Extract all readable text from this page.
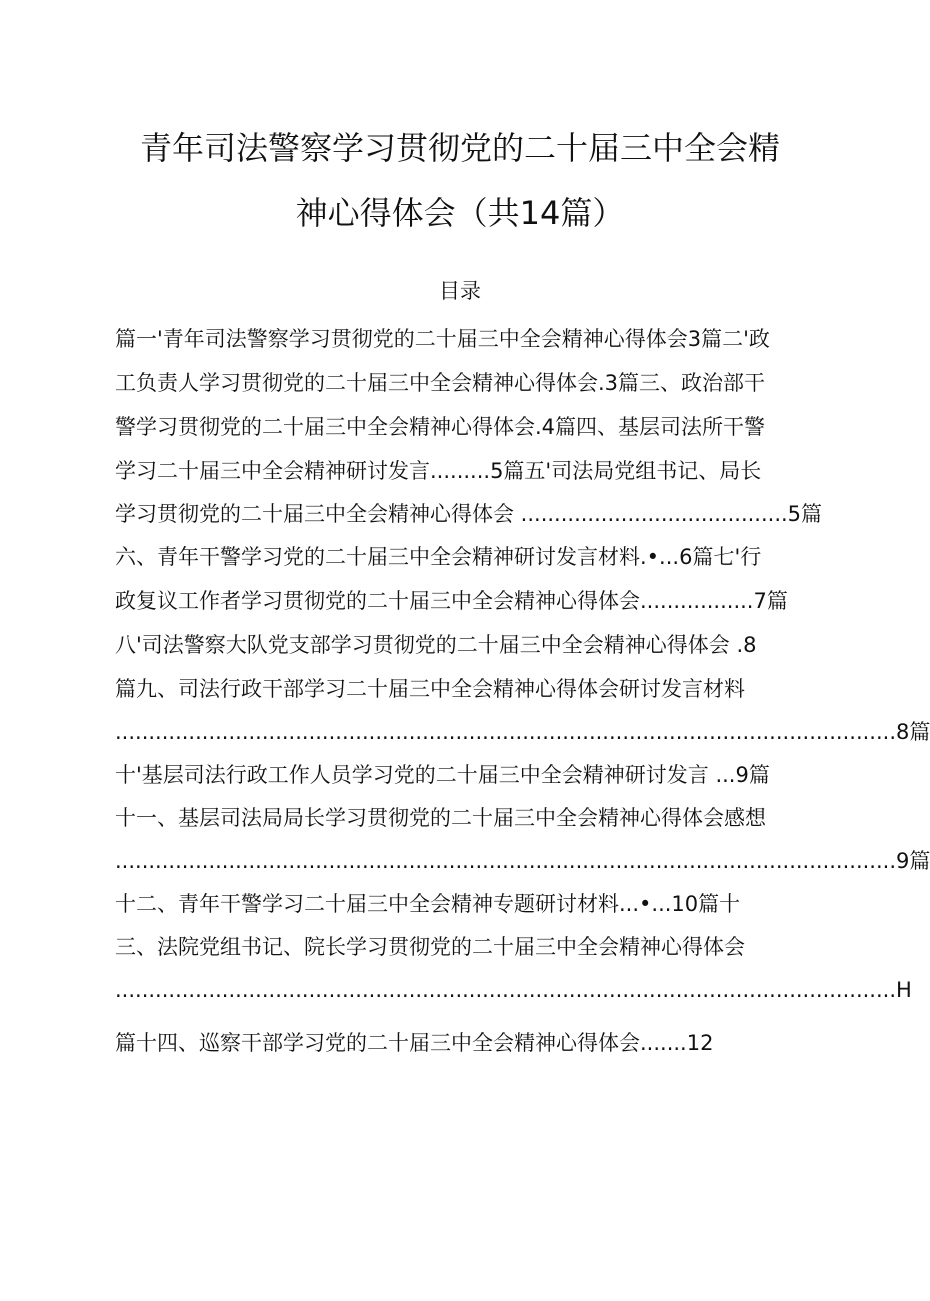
青年司法警察学习贯彻党的二十届三中全会精
神心得体会（共14篇）
目录
篇一'青年司法警察学习贯彻党的二十届三中全会精神心得体会3篇二'政
工负责人学习贯彻党的二十届三中全会精神心得体会.3篇三、政治部干
警学习贯彻党的二十届三中全会精神心得体会.4篇四、基层司法所干警
学习二十届三中全会精神研讨发言.........5篇五'司法局党组书记、局长
学习贯彻党的二十届三中全会精神心得体会 ........................................5篇
六、青年干警学习党的二十届三中全会精神研讨发言材料.•...6篇七'行
政复议工作者学习贯彻党的二十届三中全会精神心得体会.................7篇
八'司法警察大队党支部学习贯彻党的二十届三中全会精神心得体会 .8
篇九、司法行政干部学习二十届三中全会精神心得体会研讨发言材料
.....................................................................................................................8篇
十'基层司法行政工作人员学习党的二十届三中全会精神研讨发言 ...9篇
十一、基层司法局局长学习贯彻党的二十届三中全会精神心得体会感想
.....................................................................................................................9篇
十二、青年干警学习二十届三中全会精神专题研讨材料...•...10篇十
三、法院党组书记、院长学习贯彻党的二十届三中全会精神心得体会
.....................................................................................................................H
篇十四、巡察干部学习党的二十届三中全会精神心得体会.......12
